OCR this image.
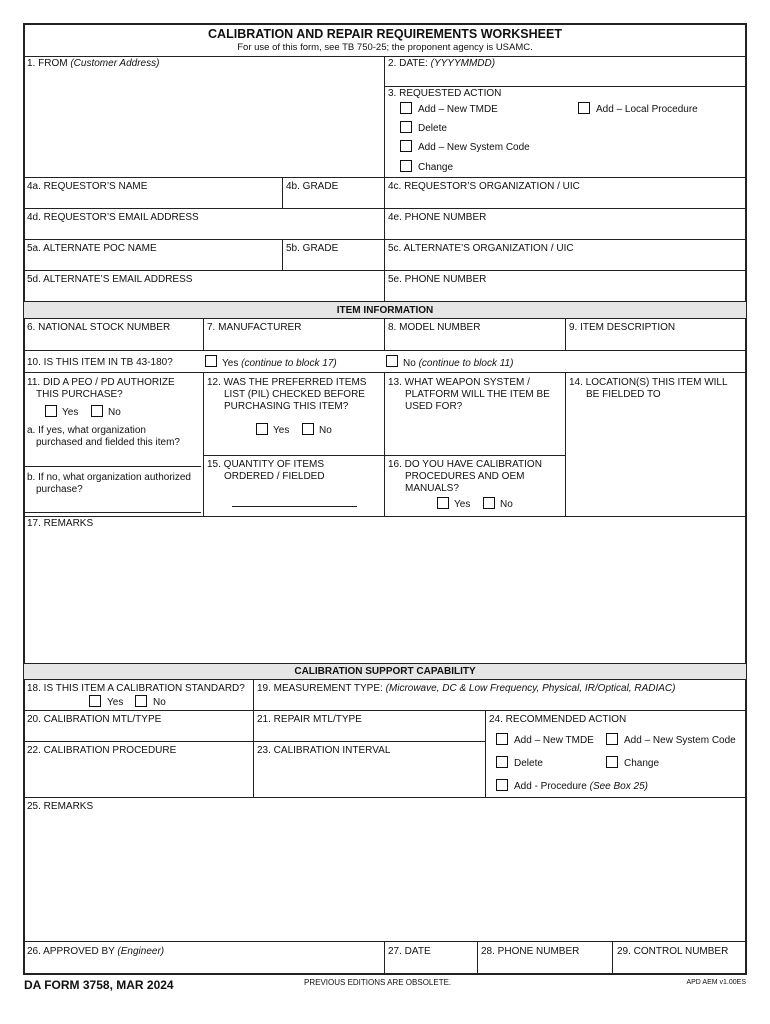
CALIBRATION AND REPAIR REQUIREMENTS WORKSHEET
For use of this form, see TB 750-25; the proponent agency is USAMC.
1. FROM (Customer Address)	2. DATE: (YYYYMMDD)
3. REQUESTED ACTION
Add – New TMDE	Add – Local Procedure
Delete
Add – New System Code
Change
4a. REQUESTOR’S NAME	4b. GRADE	4c. REQUESTOR’S ORGANIZATION / UIC
4d. REQUESTOR’S EMAIL ADDRESS	4e. PHONE NUMBER
5a. ALTERNATE POC NAME	5b. GRADE	5c. ALTERNATE’S ORGANIZATION / UIC
5d. ALTERNATE’S EMAIL ADDRESS	5e. PHONE NUMBER
ITEM INFORMATION
6. NATIONAL STOCK NUMBER	7. MANUFACTURER	8. MODEL NUMBER	9. ITEM DESCRIPTION
10. IS THIS ITEM IN TB 43-180?	Yes (continue to block 17)	No (continue to block 11)
11. DID A PEO / PD AUTHORIZE
THIS PURCHASE?
Yes	No
a. If yes, what organization
purchased and fielded this item?
b. If no, what organization authorized
purchase?
12. WAS THE PREFERRED ITEMS
LIST (PIL) CHECKED BEFORE
PURCHASING THIS ITEM?
Yes	No
13. WHAT WEAPON SYSTEM /
PLATFORM WILL THE ITEM BE
USED FOR?
14. LOCATION(S) THIS ITEM WILL
BE FIELDED TO
15. QUANTITY OF ITEMS
ORDERED / FIELDED
16. DO YOU HAVE CALIBRATION
PROCEDURES AND OEM
MANUALS?
Yes	No
17. REMARKS
CALIBRATION SUPPORT CAPABILITY
18. IS THIS ITEM A CALIBRATION STANDARD?
Yes	No
19. MEASUREMENT TYPE: (Microwave, DC & Low Frequency, Physical, IR/Optical, RADIAC)
20. CALIBRATION MTL/TYPE	21. REPAIR MTL/TYPE
22. CALIBRATION PROCEDURE	23. CALIBRATION INTERVAL
24. RECOMMENDED ACTION
Add – New TMDE	Add – New System Code
Delete	Change
Add - Procedure (See Box 25)
25. REMARKS
26. APPROVED BY (Engineer)	27. DATE	28. PHONE NUMBER	29. CONTROL NUMBER
DA FORM 3758, MAR 2024	PREVIOUS EDITIONS ARE OBSOLETE.	APD AEM v1.00ES
